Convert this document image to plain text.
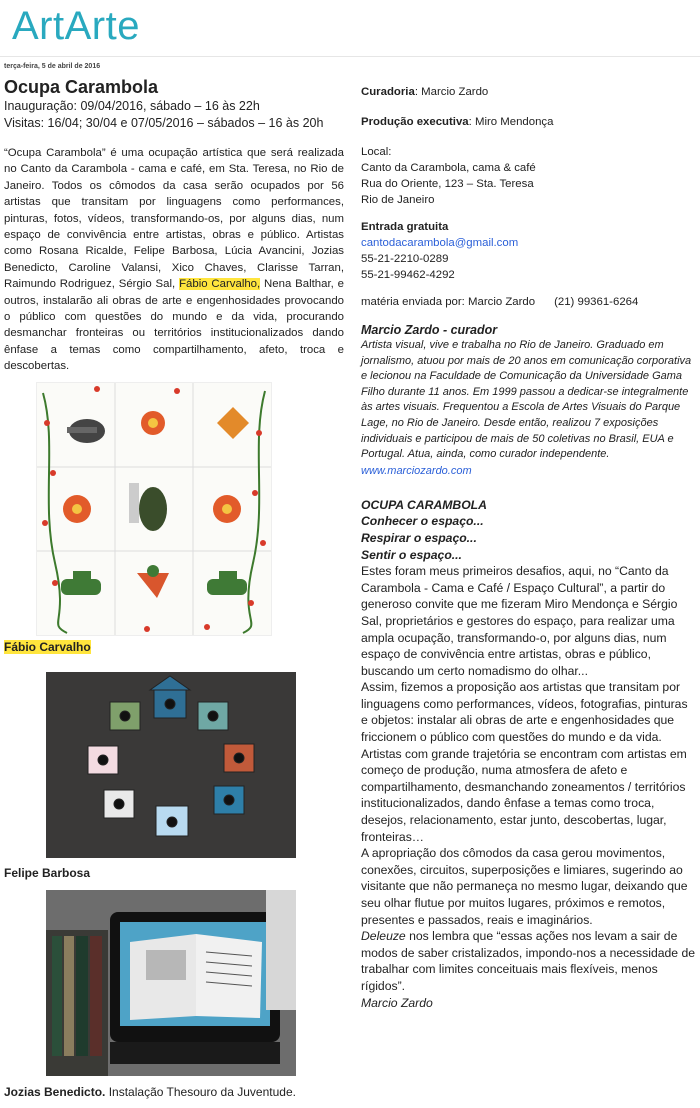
ArtArte
terça-feira, 5 de abril de 2016
Ocupa Carambola

Inauguração: 09/04/2016, sábado – 16 às 22h

Visitas: 16/04; 30/04 e 07/05/2016 – sábados – 16 às 20h

“Ocupa Carambola” é uma ocupação artística que será realizada no Canto da Carambola - cama e café, em Sta. Teresa, no Rio de Janeiro. Todos os cômodos da casa serão ocupados por 56 artistas que transitam por linguagens como performances, pinturas, fotos, vídeos, transformando-os, por alguns dias, num espaço de convivência entre artistas, obras e público. Artistas como Rosana Ricalde, Felipe Barbosa, Lúcia Avancini, Jozias Benedicto, Caroline Valansi, Xico Chaves, Clarisse Tarran, Raimundo Rodriguez, Sérgio Sal, Fábio Carvalho, Nena Balthar, e outros, instalarão ali obras de arte e engenhosidades provocando o público com questões do mundo e da vida, procurando desmanchar fronteiras ou territórios institucionalizados dando ênfase a temas como compartilhamento, afeto, troca e descobertas.

Fábio Carvalho
Felipe Barbosa
Jozias Benedicto. Instalação Thesouro da Juventude.

Curadoria: Marcio Zardo

Produção executiva: Miro Mendonça

Local:

Canto da Carambola, cama & café

Rua do Oriente, 123 – Sta. Teresa

Rio de Janeiro

Entrada gratuita

cantodacarambola@gmail.com

55-21-2210-0289

55-21-99462-4292

matéria enviada por: Marcio Zardo      (21) 99361-6264

Marcio Zardo - curador

Artista visual, vive e trabalha no Rio de Janeiro. Graduado em jornalismo, atuou por mais de 20 anos em comunicação corporativa e lecionou na Faculdade de Comunicação da Universidade Gama Filho durante 11 anos. Em 1999 passou a dedicar-se integralmente às artes visuais. Frequentou a Escola de Artes Visuais do Parque Lage, no Rio de Janeiro. Desde então, realizou 7 exposições individuais e participou de mais de 50 coletivas no Brasil, EUA e Portugal. Atua, ainda, como curador independente.

www.marciozardo.com

OCUPA CARAMBOLA

Conhecer o espaço...

Respirar o espaço...

Sentir o espaço...

Estes foram meus primeiros desafios, aqui, no “Canto da Carambola - Cama e Café / Espaço Cultural”, a partir do generoso convite que me fizeram Miro Mendonça e Sérgio Sal, proprietários e gestores do espaço, para realizar uma ampla ocupação, transformando-o, por alguns dias, num espaço de convivência entre artistas, obras e público, buscando um certo nomadismo do olhar...

Assim, fizemos a proposição aos artistas que transitam por linguagens como performances, vídeos, fotografias, pinturas e objetos: instalar ali obras de arte e engenhosidades que friccionem o público com questões do mundo e da vida. Artistas com grande trajetória se encontram com artistas em começo de produção, numa atmosfera de afeto e compartilhamento, desmanchando zoneamentos / territórios institucionalizados, dando ênfase a temas como troca, desejos, relacionamento, estar junto, descobertas, lugar, fronteiras…

A apropriação dos cômodos da casa gerou movimentos, conexões, circuitos, superposições e limiares, sugerindo ao visitante que não permaneça no mesmo lugar, deixando que seu olhar flutue por muitos lugares, próximos e remotos, presentes e passados, reais e imaginários.

Deleuze nos lembra que “essas ações nos levam a sair de modos de saber cristalizados, impondo-nos a necessidade de trabalhar com limites conceituais mais flexíveis, menos rígidos”.

Marcio Zardo
